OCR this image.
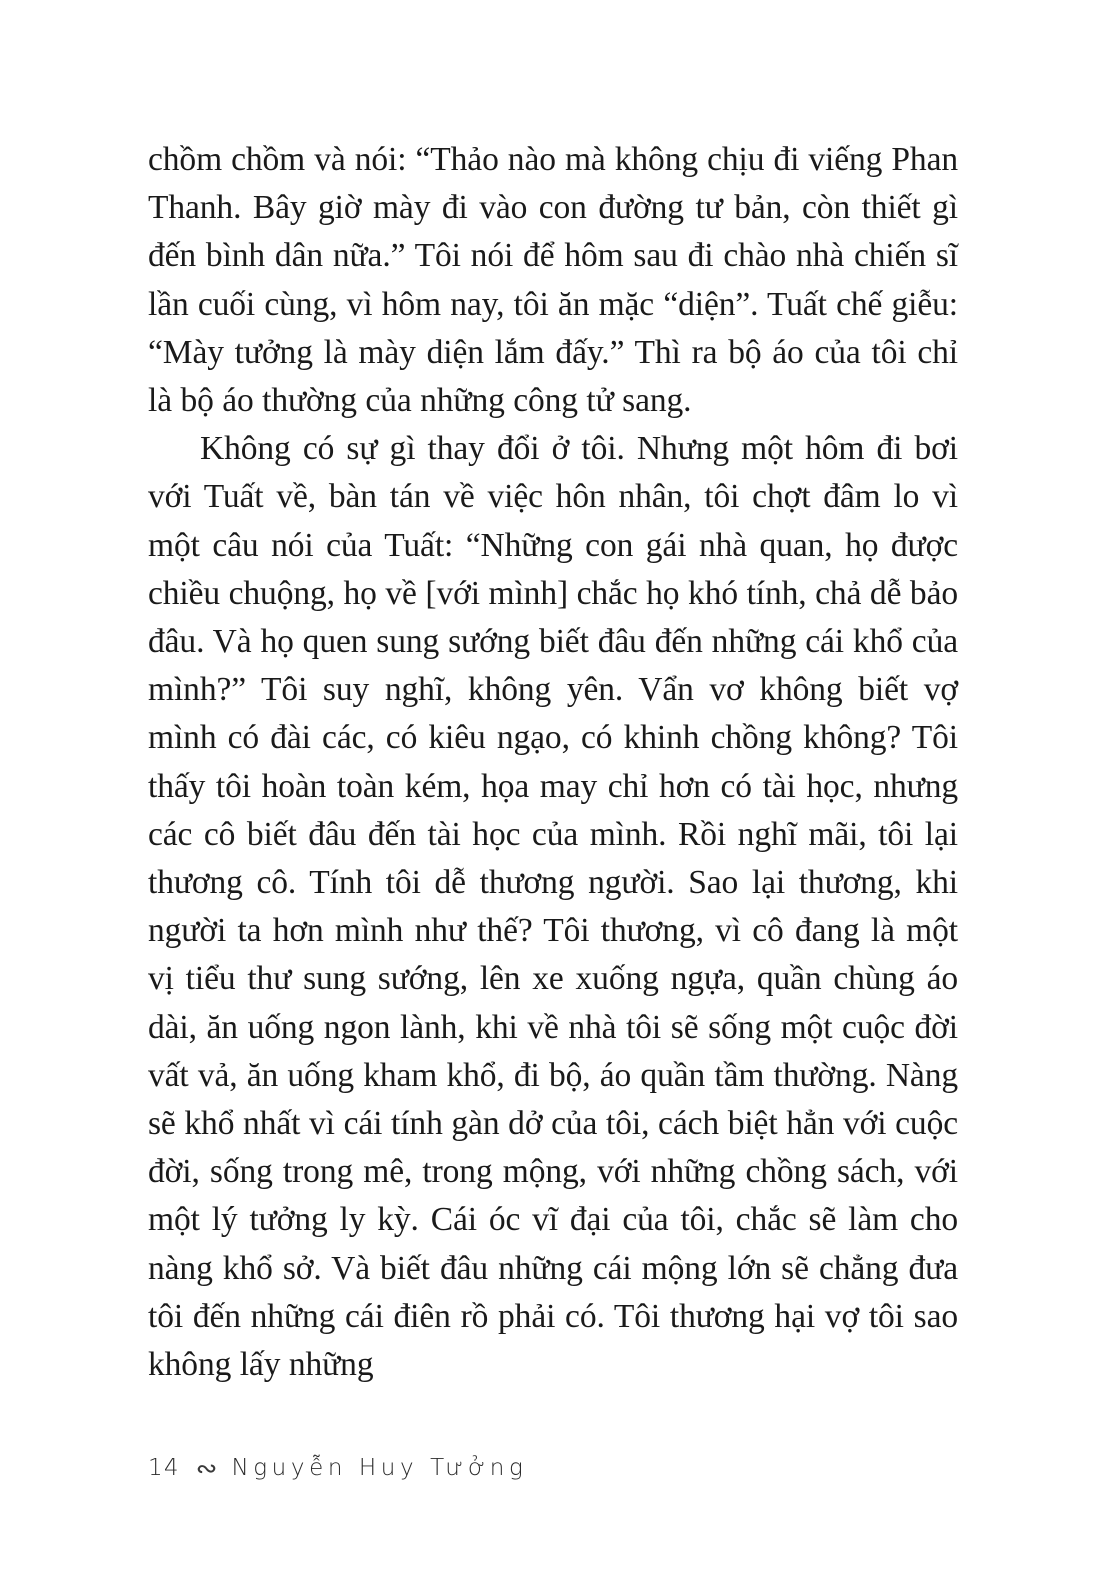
chồm chồm và nói: “Thảo nào mà không chịu đi viếng Phan Thanh. Bây giờ mày đi vào con đường tư bản, còn thiết gì đến bình dân nữa.” Tôi nói để hôm sau đi chào nhà chiến sĩ lần cuối cùng, vì hôm nay, tôi ăn mặc “diện”. Tuất chế giễu: “Mày tưởng là mày diện lắm đấy.” Thì ra bộ áo của tôi chỉ là bộ áo thường của những công tử sang.

Không có sự gì thay đổi ở tôi. Nhưng một hôm đi bơi với Tuất về, bàn tán về việc hôn nhân, tôi chợt đâm lo vì một câu nói của Tuất: “Những con gái nhà quan, họ được chiều chuộng, họ về [với mình] chắc họ khó tính, chả dễ bảo đâu. Và họ quen sung sướng biết đâu đến những cái khổ của mình?” Tôi suy nghĩ, không yên. Vẩn vơ không biết vợ mình có đài các, có kiêu ngạo, có khinh chồng không? Tôi thấy tôi hoàn toàn kém, họa may chỉ hơn có tài học, nhưng các cô biết đâu đến tài học của mình. Rồi nghĩ mãi, tôi lại thương cô. Tính tôi dễ thương người. Sao lại thương, khi người ta hơn mình như thế? Tôi thương, vì cô đang là một vị tiểu thư sung sướng, lên xe xuống ngựa, quần chùng áo dài, ăn uống ngon lành, khi về nhà tôi sẽ sống một cuộc đời vất vả, ăn uống kham khổ, đi bộ, áo quần tầm thường. Nàng sẽ khổ nhất vì cái tính gàn dở của tôi, cách biệt hẳn với cuộc đời, sống trong mê, trong mộng, với những chồng sách, với một lý tưởng ly kỳ. Cái óc vĩ đại của tôi, chắc sẽ làm cho nàng khổ sở. Và biết đâu những cái mộng lớn sẽ chẳng đưa tôi đến những cái điên rồ phải có. Tôi thương hại vợ tôi sao không lấy những

14 ∾ Nguyễn Huy Tưởng
